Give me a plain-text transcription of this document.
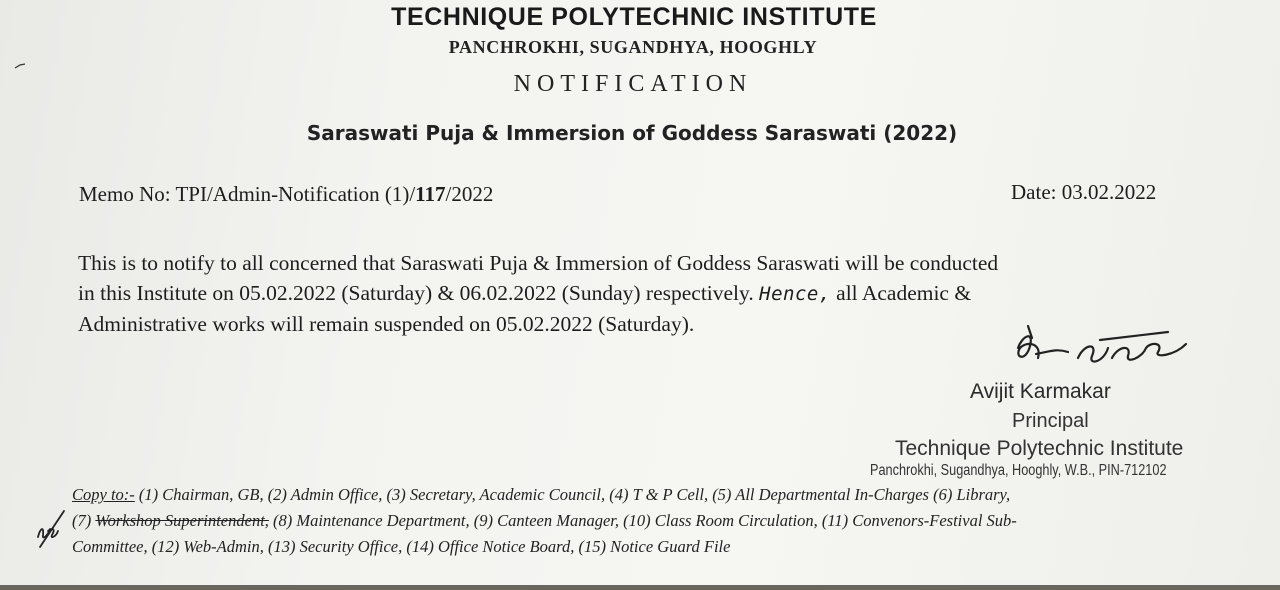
TECHNIQUE POLYTECHNIC INSTITUTE
PANCHROKHI, SUGANDHYA, HOOGHLY
NOTIFICATION
Saraswati Puja & Immersion of Goddess Saraswati (2022)
Memo No: TPI/Admin-Notification (1)/117/2022	Date: 03.02.2022
This is to notify to all concerned that Saraswati Puja & Immersion of Goddess Saraswati will be conducted
in this Institute on 05.02.2022 (Saturday) & 06.02.2022 (Sunday) respectively. Hence, all Academic &
Administrative works will remain suspended on 05.02.2022 (Saturday).
Avijit Karmakar
Principal
Technique Polytechnic Institute
Panchrokhi, Sugandhya, Hooghly, W.B., PIN-712102
Copy to:- (1) Chairman, GB, (2) Admin Office, (3) Secretary, Academic Council, (4) T & P Cell, (5) All Departmental In-Charges (6) Library,
(7) Workshop Superintendent, (8) Maintenance Department, (9) Canteen Manager, (10) Class Room Circulation, (11) Convenors-Festival Sub-
Committee, (12) Web-Admin, (13) Security Office, (14) Office Notice Board, (15) Notice Guard File
